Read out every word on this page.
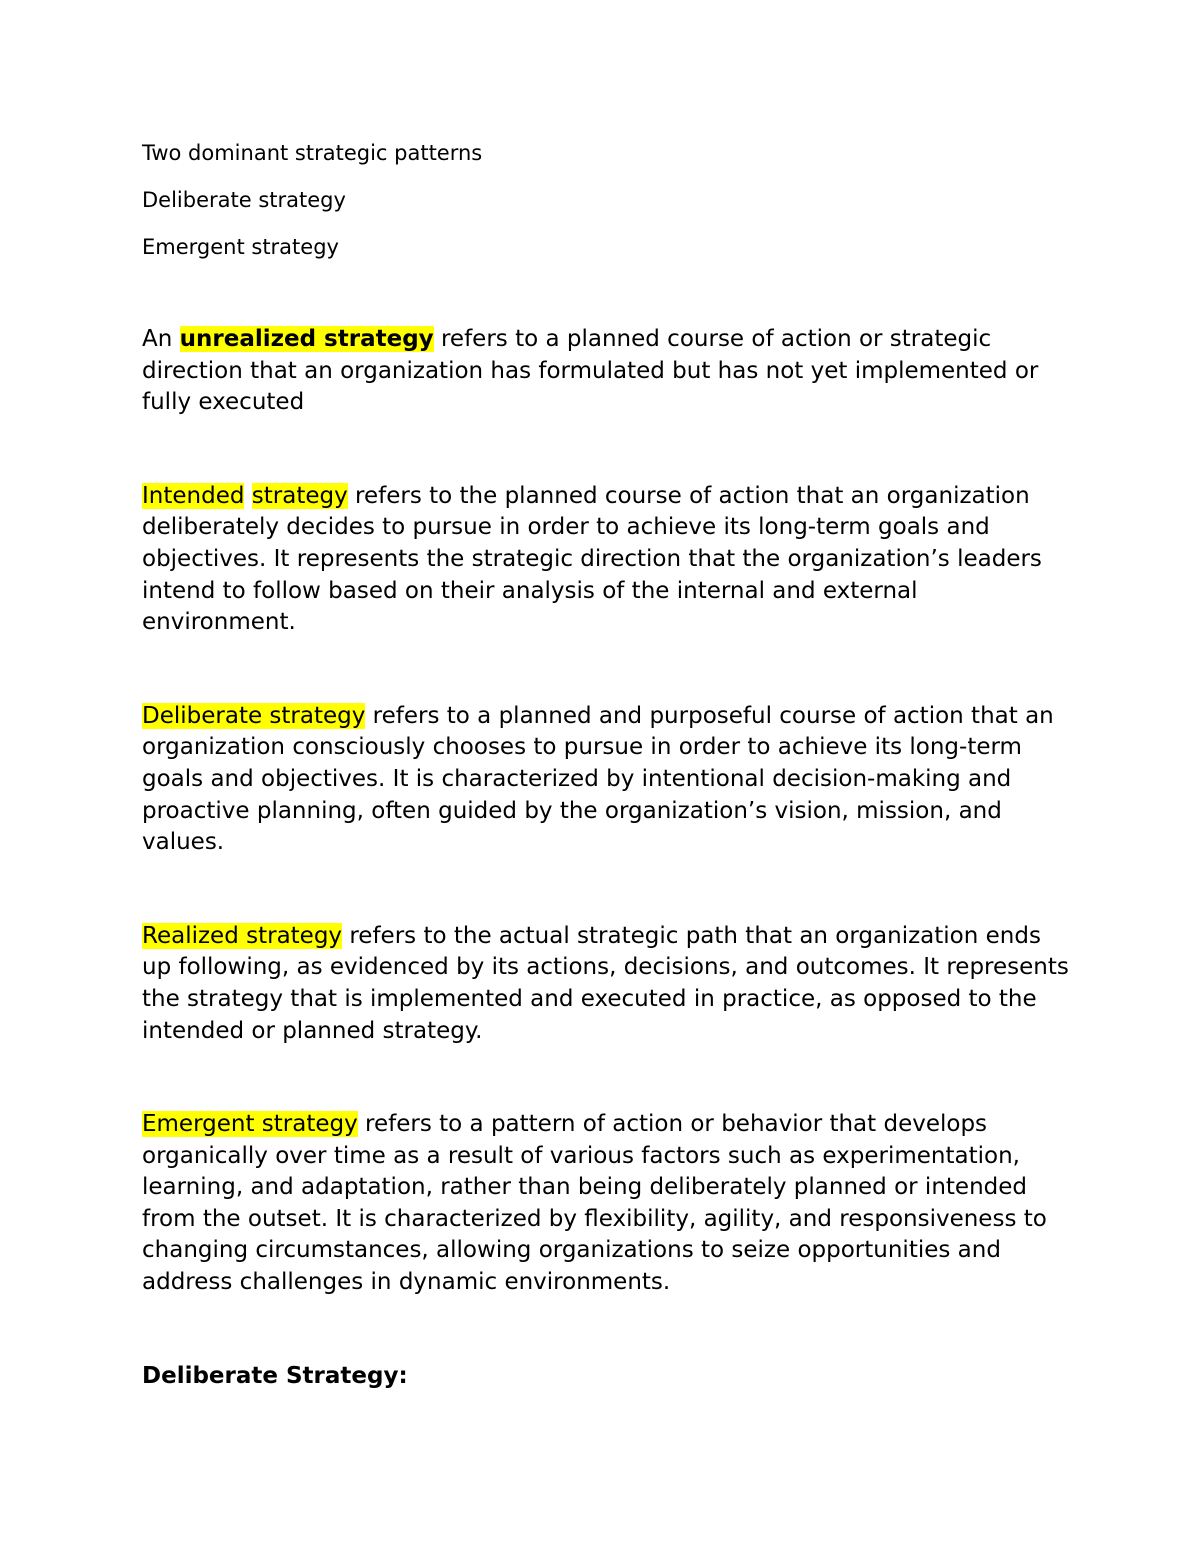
Two dominant strategic patterns

Deliberate strategy

Emergent strategy

An unrealized strategy refers to a planned course of action or strategic direction that an organization has formulated but has not yet implemented or fully executed

Intended strategy refers to the planned course of action that an organization deliberately decides to pursue in order to achieve its long-term goals and objectives. It represents the strategic direction that the organization’s leaders intend to follow based on their analysis of the internal and external environment.

Deliberate strategy refers to a planned and purposeful course of action that an organization consciously chooses to pursue in order to achieve its long-term goals and objectives. It is characterized by intentional decision-making and proactive planning, often guided by the organization’s vision, mission, and values.

Realized strategy refers to the actual strategic path that an organization ends up following, as evidenced by its actions, decisions, and outcomes. It represents the strategy that is implemented and executed in practice, as opposed to the intended or planned strategy.

Emergent strategy refers to a pattern of action or behavior that develops organically over time as a result of various factors such as experimentation, learning, and adaptation, rather than being deliberately planned or intended from the outset. It is characterized by flexibility, agility, and responsiveness to changing circumstances, allowing organizations to seize opportunities and address challenges in dynamic environments.

Deliberate Strategy:
